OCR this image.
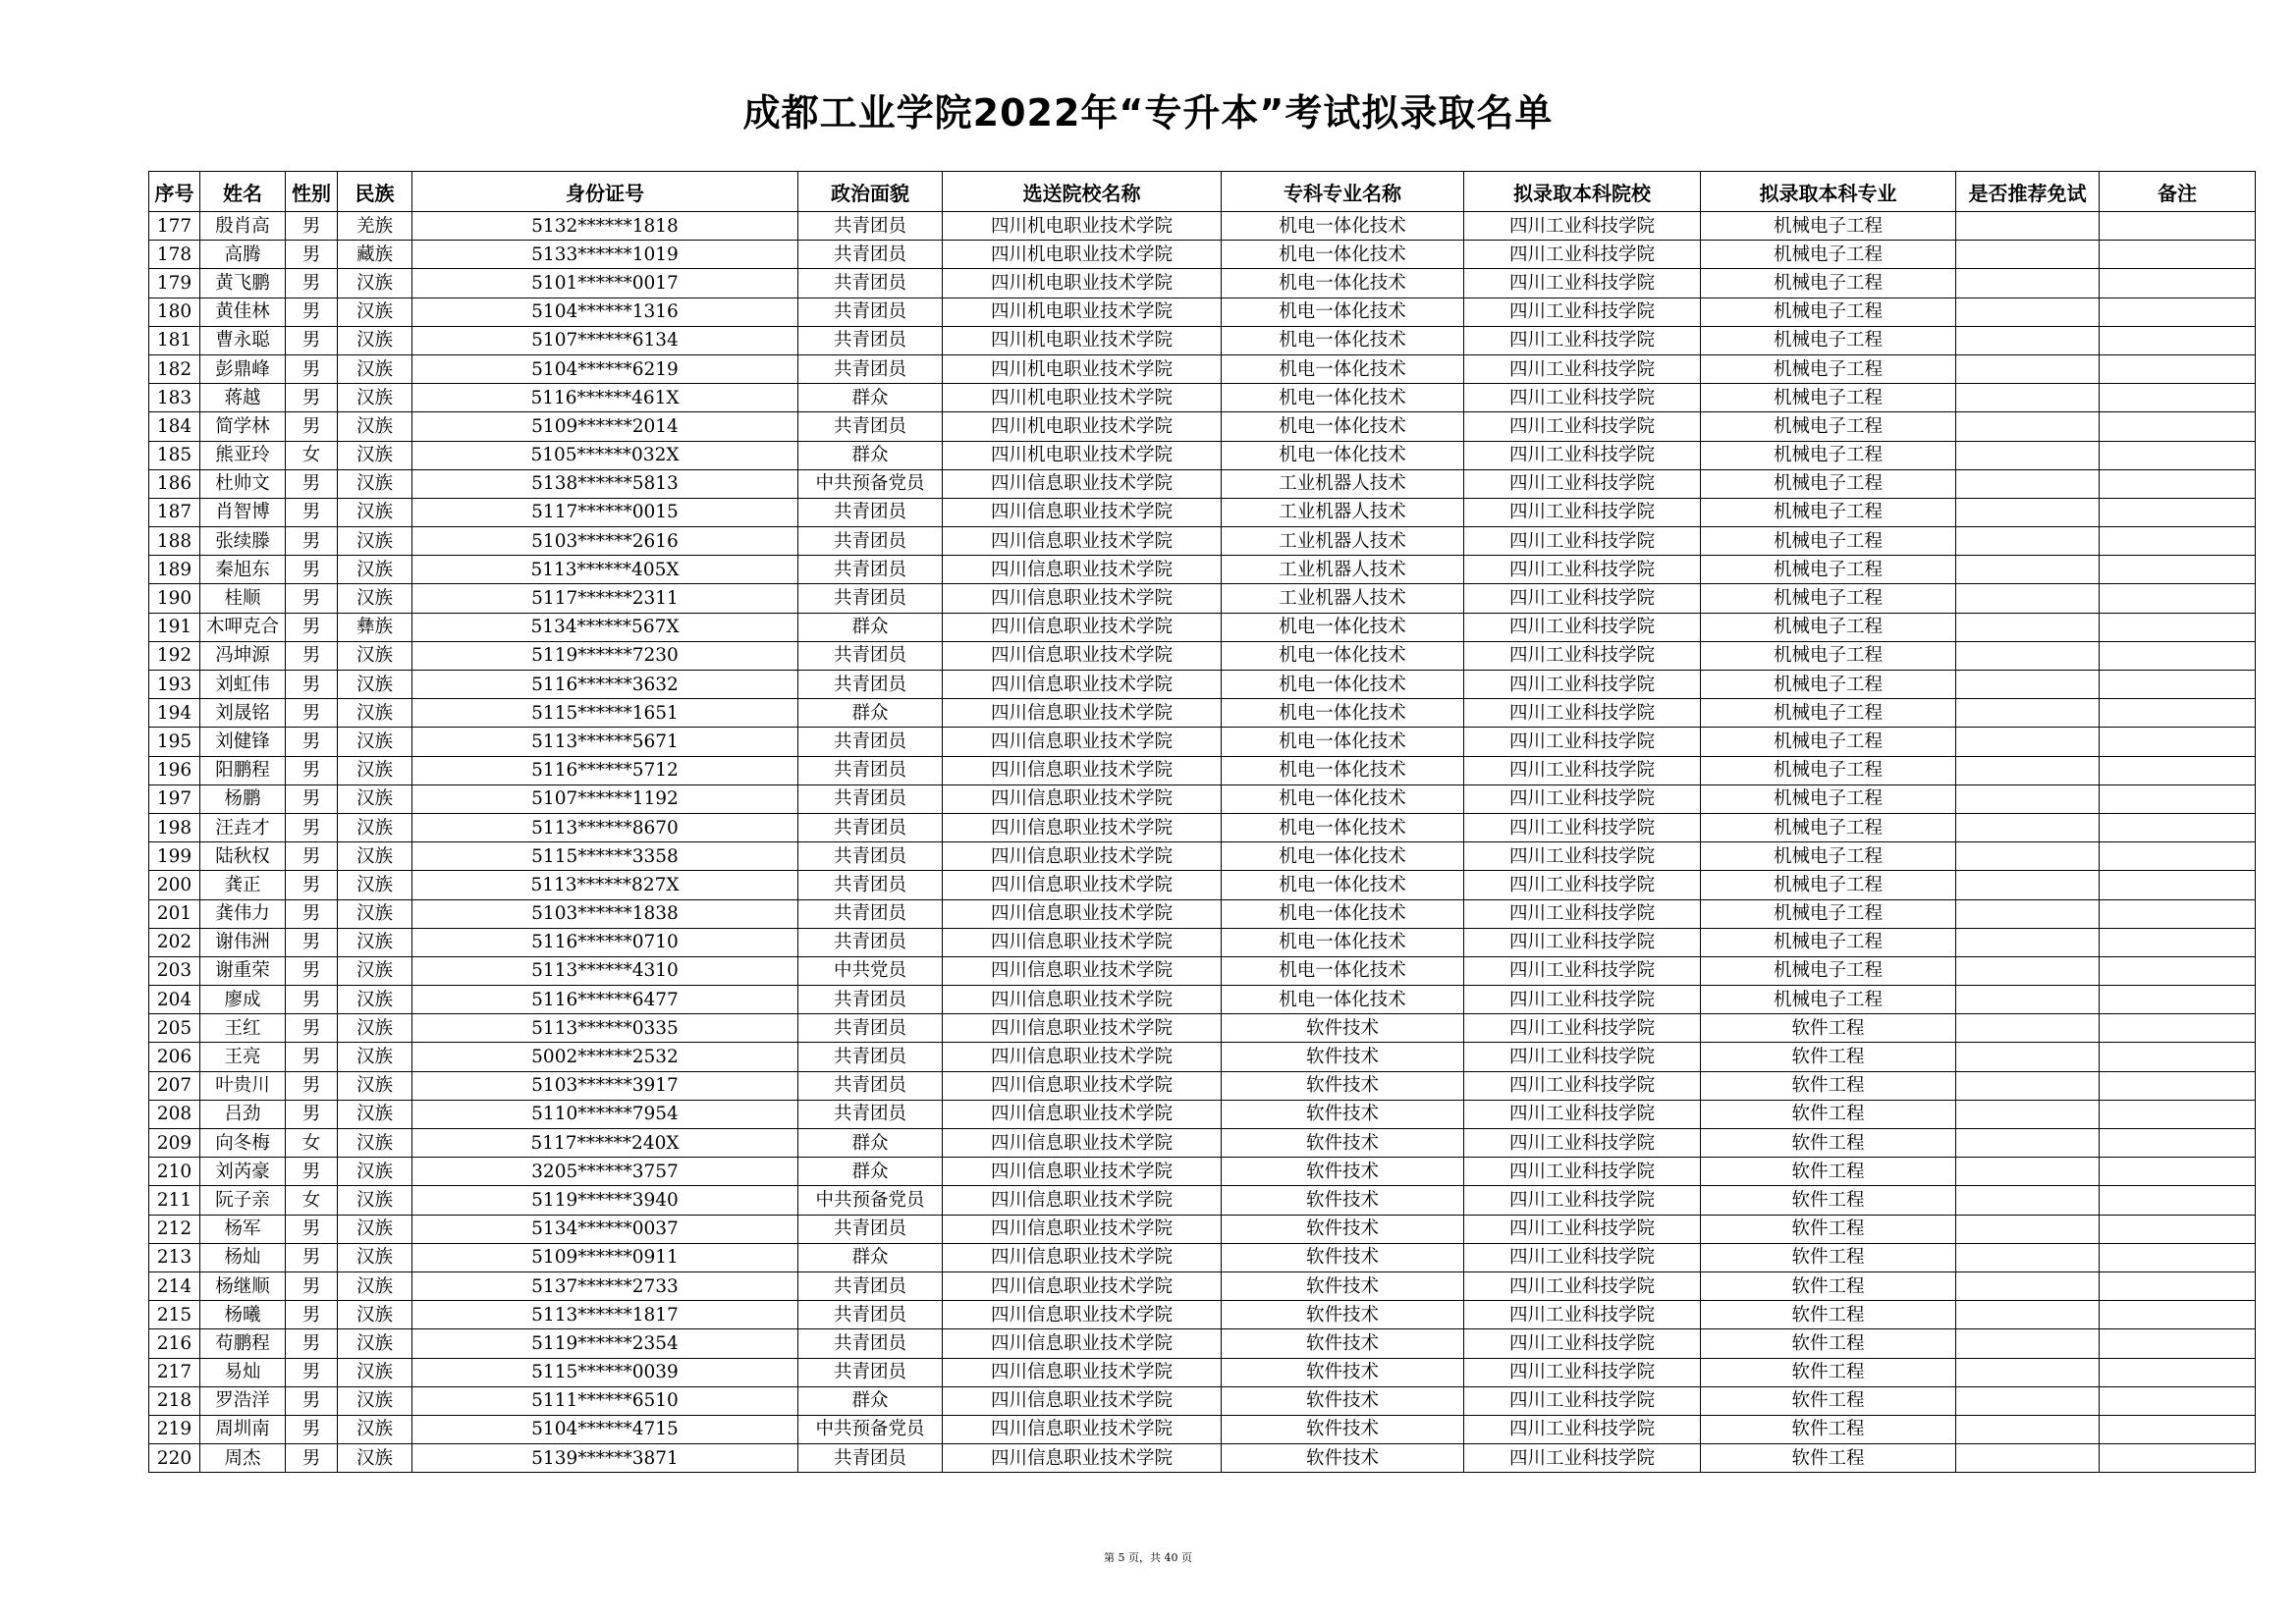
成都工业学院2022年“专升本”考试拟录取名单
序号	姓名	性别	民族	身份证号	政治面貌	选送院校名称	专科专业名称	拟录取本科院校	拟录取本科专业	是否推荐免试	备注
177	殷肖高	男	羌族	5132******1818	共青团员	四川机电职业技术学院	机电一体化技术	四川工业科技学院	机械电子工程		
178	高腾	男	藏族	5133******1019	共青团员	四川机电职业技术学院	机电一体化技术	四川工业科技学院	机械电子工程		
179	黄飞鹏	男	汉族	5101******0017	共青团员	四川机电职业技术学院	机电一体化技术	四川工业科技学院	机械电子工程		
180	黄佳林	男	汉族	5104******1316	共青团员	四川机电职业技术学院	机电一体化技术	四川工业科技学院	机械电子工程		
181	曹永聪	男	汉族	5107******6134	共青团员	四川机电职业技术学院	机电一体化技术	四川工业科技学院	机械电子工程		
182	彭鼎峰	男	汉族	5104******6219	共青团员	四川机电职业技术学院	机电一体化技术	四川工业科技学院	机械电子工程		
183	蒋越	男	汉族	5116******461X	群众	四川机电职业技术学院	机电一体化技术	四川工业科技学院	机械电子工程		
184	简学林	男	汉族	5109******2014	共青团员	四川机电职业技术学院	机电一体化技术	四川工业科技学院	机械电子工程		
185	熊亚玲	女	汉族	5105******032X	群众	四川机电职业技术学院	机电一体化技术	四川工业科技学院	机械电子工程		
186	杜帅文	男	汉族	5138******5813	中共预备党员	四川信息职业技术学院	工业机器人技术	四川工业科技学院	机械电子工程		
187	肖智博	男	汉族	5117******0015	共青团员	四川信息职业技术学院	工业机器人技术	四川工业科技学院	机械电子工程		
188	张续滕	男	汉族	5103******2616	共青团员	四川信息职业技术学院	工业机器人技术	四川工业科技学院	机械电子工程		
189	秦旭东	男	汉族	5113******405X	共青团员	四川信息职业技术学院	工业机器人技术	四川工业科技学院	机械电子工程		
190	桂顺	男	汉族	5117******2311	共青团员	四川信息职业技术学院	工业机器人技术	四川工业科技学院	机械电子工程		
191	木呷克合	男	彝族	5134******567X	群众	四川信息职业技术学院	机电一体化技术	四川工业科技学院	机械电子工程		
192	冯坤源	男	汉族	5119******7230	共青团员	四川信息职业技术学院	机电一体化技术	四川工业科技学院	机械电子工程		
193	刘虹伟	男	汉族	5116******3632	共青团员	四川信息职业技术学院	机电一体化技术	四川工业科技学院	机械电子工程		
194	刘晟铭	男	汉族	5115******1651	群众	四川信息职业技术学院	机电一体化技术	四川工业科技学院	机械电子工程		
195	刘健锋	男	汉族	5113******5671	共青团员	四川信息职业技术学院	机电一体化技术	四川工业科技学院	机械电子工程		
196	阳鹏程	男	汉族	5116******5712	共青团员	四川信息职业技术学院	机电一体化技术	四川工业科技学院	机械电子工程		
197	杨鹏	男	汉族	5107******1192	共青团员	四川信息职业技术学院	机电一体化技术	四川工业科技学院	机械电子工程		
198	汪垚才	男	汉族	5113******8670	共青团员	四川信息职业技术学院	机电一体化技术	四川工业科技学院	机械电子工程		
199	陆秋权	男	汉族	5115******3358	共青团员	四川信息职业技术学院	机电一体化技术	四川工业科技学院	机械电子工程		
200	龚正	男	汉族	5113******827X	共青团员	四川信息职业技术学院	机电一体化技术	四川工业科技学院	机械电子工程		
201	龚伟力	男	汉族	5103******1838	共青团员	四川信息职业技术学院	机电一体化技术	四川工业科技学院	机械电子工程		
202	谢伟洲	男	汉族	5116******0710	共青团员	四川信息职业技术学院	机电一体化技术	四川工业科技学院	机械电子工程		
203	谢重荣	男	汉族	5113******4310	中共党员	四川信息职业技术学院	机电一体化技术	四川工业科技学院	机械电子工程		
204	廖成	男	汉族	5116******6477	共青团员	四川信息职业技术学院	机电一体化技术	四川工业科技学院	机械电子工程		
205	王红	男	汉族	5113******0335	共青团员	四川信息职业技术学院	软件技术	四川工业科技学院	软件工程		
206	王亮	男	汉族	5002******2532	共青团员	四川信息职业技术学院	软件技术	四川工业科技学院	软件工程		
207	叶贵川	男	汉族	5103******3917	共青团员	四川信息职业技术学院	软件技术	四川工业科技学院	软件工程		
208	吕劲	男	汉族	5110******7954	共青团员	四川信息职业技术学院	软件技术	四川工业科技学院	软件工程		
209	向冬梅	女	汉族	5117******240X	群众	四川信息职业技术学院	软件技术	四川工业科技学院	软件工程		
210	刘芮豪	男	汉族	3205******3757	群众	四川信息职业技术学院	软件技术	四川工业科技学院	软件工程		
211	阮子亲	女	汉族	5119******3940	中共预备党员	四川信息职业技术学院	软件技术	四川工业科技学院	软件工程		
212	杨军	男	汉族	5134******0037	共青团员	四川信息职业技术学院	软件技术	四川工业科技学院	软件工程		
213	杨灿	男	汉族	5109******0911	群众	四川信息职业技术学院	软件技术	四川工业科技学院	软件工程		
214	杨继顺	男	汉族	5137******2733	共青团员	四川信息职业技术学院	软件技术	四川工业科技学院	软件工程		
215	杨曦	男	汉族	5113******1817	共青团员	四川信息职业技术学院	软件技术	四川工业科技学院	软件工程		
216	苟鹏程	男	汉族	5119******2354	共青团员	四川信息职业技术学院	软件技术	四川工业科技学院	软件工程		
217	易灿	男	汉族	5115******0039	共青团员	四川信息职业技术学院	软件技术	四川工业科技学院	软件工程		
218	罗浩洋	男	汉族	5111******6510	群众	四川信息职业技术学院	软件技术	四川工业科技学院	软件工程		
219	周圳南	男	汉族	5104******4715	中共预备党员	四川信息职业技术学院	软件技术	四川工业科技学院	软件工程		
220	周杰	男	汉族	5139******3871	共青团员	四川信息职业技术学院	软件技术	四川工业科技学院	软件工程		
第 5 页，共 40 页
